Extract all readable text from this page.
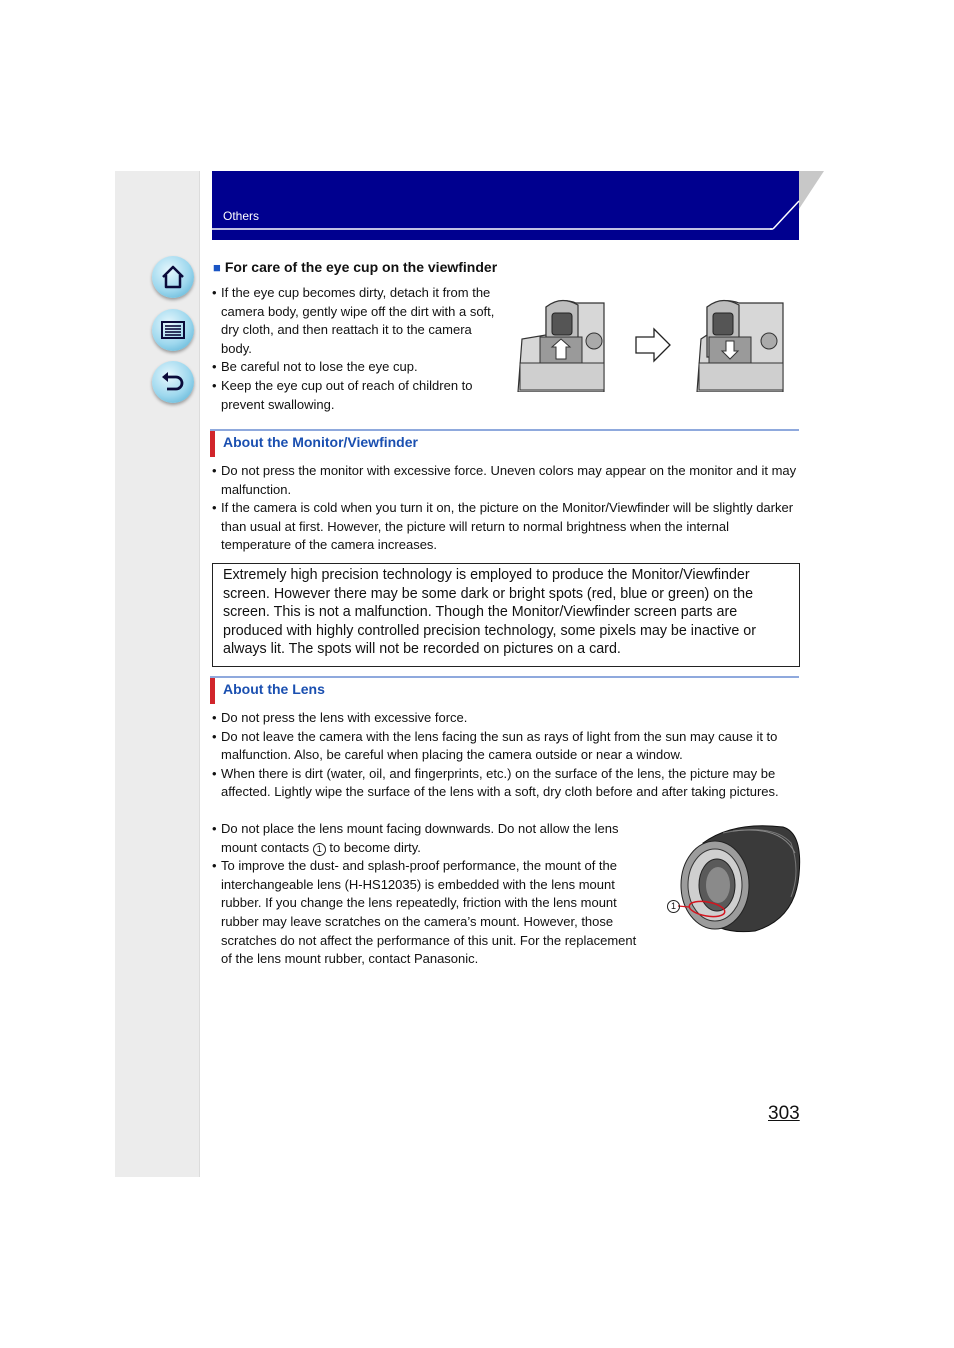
Others
■ For care of the eye cup on the viewfinder
• If the eye cup becomes dirty, detach it from the camera body, gently wipe off the dirt with a soft, dry cloth, and then reattach it to the camera body.
• Be careful not to lose the eye cup.
• Keep the eye cup out of reach of children to prevent swallowing.
About the Monitor/Viewfinder
• Do not press the monitor with excessive force. Uneven colors may appear on the monitor and it may malfunction.
• If the camera is cold when you turn it on, the picture on the Monitor/Viewfinder will be slightly darker than usual at first. However, the picture will return to normal brightness when the internal temperature of the camera increases.
Extremely high precision technology is employed to produce the Monitor/Viewfinder screen. However there may be some dark or bright spots (red, blue or green) on the screen. This is not a malfunction. Though the Monitor/Viewfinder screen parts are produced with highly controlled precision technology, some pixels may be inactive or always lit. The spots will not be recorded on pictures on a card.
About the Lens
• Do not press the lens with excessive force.
• Do not leave the camera with the lens facing the sun as rays of light from the sun may cause it to malfunction. Also, be careful when placing the camera outside or near a window.
• When there is dirt (water, oil, and fingerprints, etc.) on the surface of the lens, the picture may be affected. Lightly wipe the surface of the lens with a soft, dry cloth before and after taking pictures.
• Do not place the lens mount facing downwards. Do not allow the lens mount contacts 1 to become dirty.
• To improve the dust- and splash-proof performance, the mount of the interchangeable lens (H-HS12035) is embedded with the lens mount rubber. If you change the lens repeatedly, friction with the lens mount rubber may leave scratches on the camera’s mount. However, those scratches do not affect the performance of this unit. For the replacement of the lens mount rubber, contact Panasonic.
1
303
